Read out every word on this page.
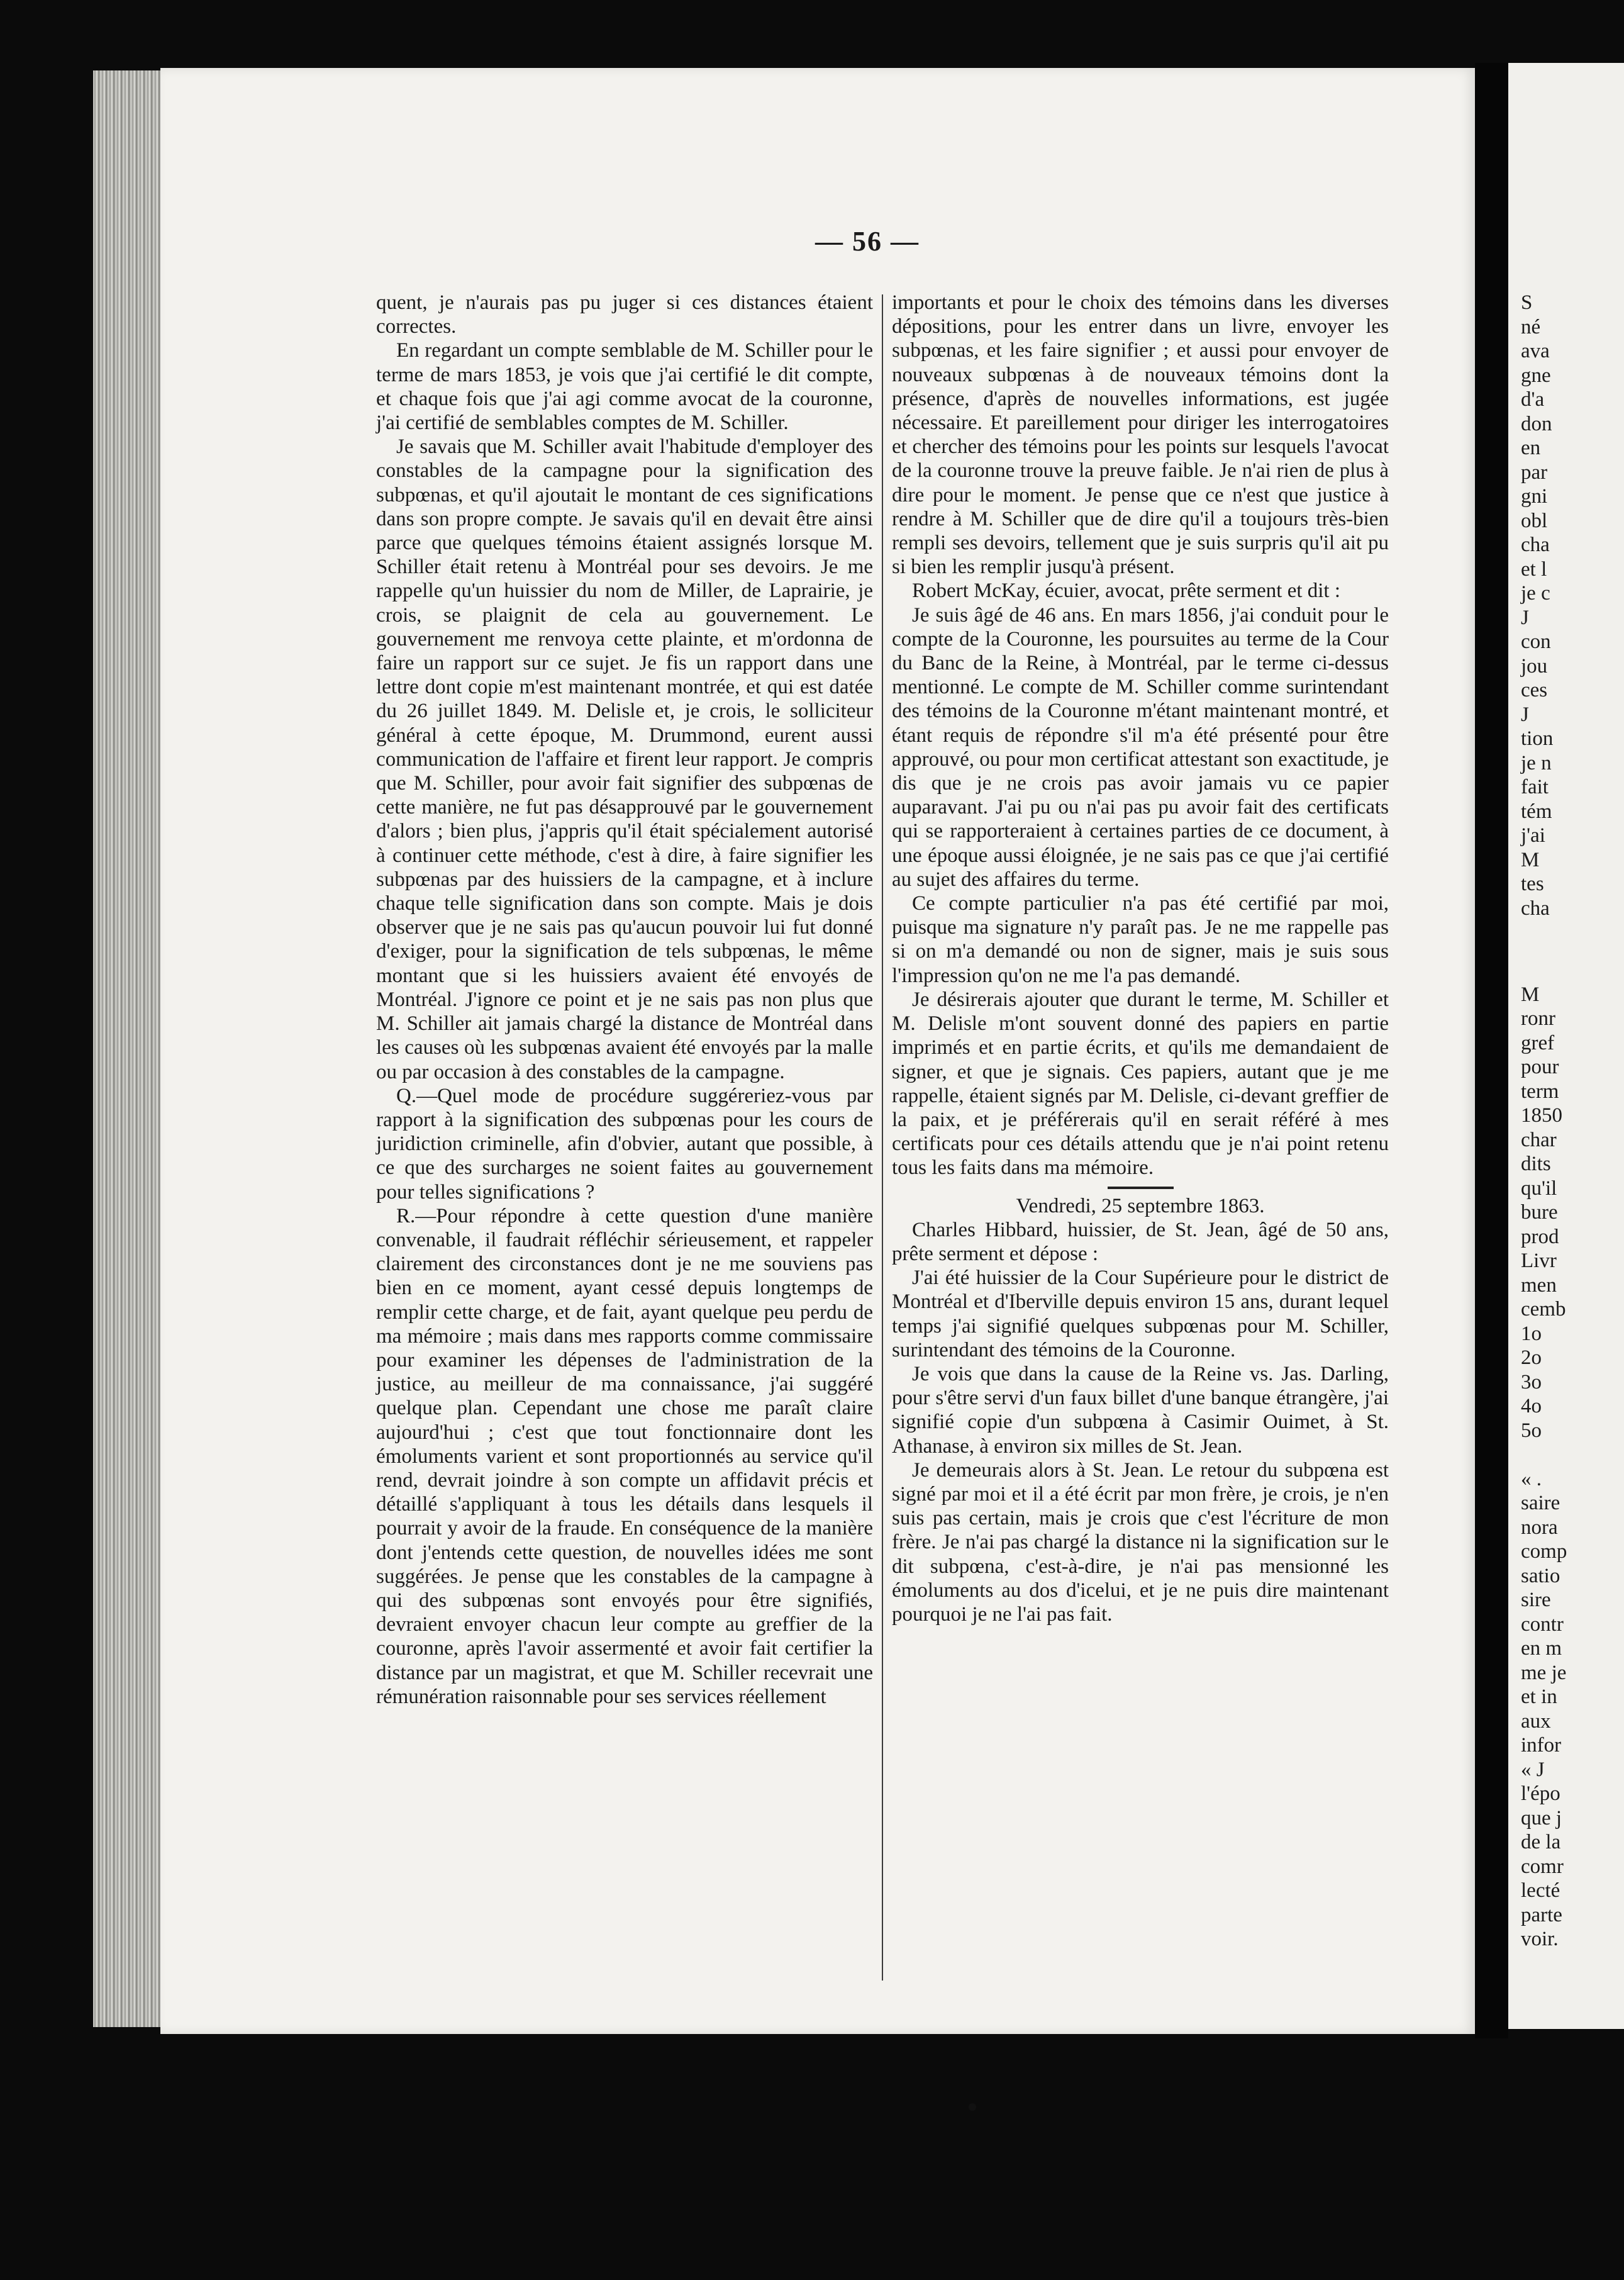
S
né
ava
gne
d'a
don
en
par
gni
obl
cha
et l
je c
J
con
jou
ces
J
tion
je n
fait
tém
j'ai
M
tes
cha
M
ronr
gref
pour
term
1850
char
dits
qu'il
bure
prod
Livr
men
cemb
1o
2o
3o
4o
5o
« .
saire
nora
comp
satio
sire
contr
en m
me je
et in
aux
infor
« J
l'épo
que j
de la
comr
lecté
parte
voir.
— 56 —

quent, je n'aurais pas pu juger si ces distances étaient correctes.

En regardant un compte semblable de M. Schiller pour le terme de mars 1853, je vois que j'ai certifié le dit compte, et chaque fois que j'ai agi comme avocat de la couronne, j'ai certifié de semblables comptes de M. Schiller.

Je savais que M. Schiller avait l'habitude d'employer des constables de la campagne pour la signification des subpœnas, et qu'il ajoutait le montant de ces significations dans son propre compte. Je savais qu'il en devait être ainsi parce que quelques témoins étaient assignés lorsque M. Schiller était retenu à Montréal pour ses devoirs. Je me rappelle qu'un huissier du nom de Miller, de Laprairie, je crois, se plaignit de cela au gouvernement. Le gouvernement me renvoya cette plainte, et m'ordonna de faire un rapport sur ce sujet. Je fis un rapport dans une lettre dont copie m'est maintenant montrée, et qui est datée du 26 juillet 1849. M. Delisle et, je crois, le solliciteur général à cette époque, M. Drummond, eurent aussi communication de l'affaire et firent leur rapport. Je compris que M. Schiller, pour avoir fait signifier des subpœnas de cette manière, ne fut pas désapprouvé par le gouvernement d'alors ; bien plus, j'appris qu'il était spécialement autorisé à continuer cette méthode, c'est à dire, à faire signifier les subpœnas par des huissiers de la campagne, et à inclure chaque telle signification dans son compte. Mais je dois observer que je ne sais pas qu'aucun pouvoir lui fut donné d'exiger, pour la signification de tels subpœnas, le même montant que si les huissiers avaient été envoyés de Montréal. J'ignore ce point et je ne sais pas non plus que M. Schiller ait jamais chargé la distance de Montréal dans les causes où les subpœnas avaient été envoyés par la malle ou par occasion à des constables de la campagne.

Q.—Quel mode de procédure suggéreriez-vous par rapport à la signification des subpœnas pour les cours de juridiction criminelle, afin d'obvier, autant que possible, à ce que des surcharges ne soient faites au gouvernement pour telles significations ?

R.—Pour répondre à cette question d'une manière convenable, il faudrait réfléchir sérieusement, et rappeler clairement des circonstances dont je ne me souviens pas bien en ce moment, ayant cessé depuis longtemps de remplir cette charge, et de fait, ayant quelque peu perdu de ma mémoire ; mais dans mes rapports comme commissaire pour examiner les dépenses de l'administration de la justice, au meilleur de ma connaissance, j'ai suggéré quelque plan. Cependant une chose me paraît claire aujourd'hui ; c'est que tout fonctionnaire dont les émoluments varient et sont proportionnés au service qu'il rend, devrait joindre à son compte un affidavit précis et détaillé s'appliquant à tous les détails dans lesquels il pourrait y avoir de la fraude. En conséquence de la manière dont j'entends cette question, de nouvelles idées me sont suggérées. Je pense que les constables de la campagne à qui des subpœnas sont envoyés pour être signifiés, devraient envoyer chacun leur compte au greffier de la couronne, après l'avoir assermenté et avoir fait certifier la distance par un magistrat, et que M. Schiller recevrait une rémunération raisonnable pour ses services réellement

importants et pour le choix des témoins dans les diverses dépositions, pour les entrer dans un livre, envoyer les subpœnas, et les faire signifier ; et aussi pour envoyer de nouveaux subpœnas à de nouveaux témoins dont la présence, d'après de nouvelles informations, est jugée nécessaire. Et pareillement pour diriger les interrogatoires et chercher des témoins pour les points sur lesquels l'avocat de la couronne trouve la preuve faible. Je n'ai rien de plus à dire pour le moment. Je pense que ce n'est que justice à rendre à M. Schiller que de dire qu'il a toujours très-bien rempli ses devoirs, tellement que je suis surpris qu'il ait pu si bien les remplir jusqu'à présent.

Robert McKay, écuier, avocat, prête serment et dit :

Je suis âgé de 46 ans. En mars 1856, j'ai conduit pour le compte de la Couronne, les poursuites au terme de la Cour du Banc de la Reine, à Montréal, par le terme ci-dessus mentionné. Le compte de M. Schiller comme surintendant des témoins de la Couronne m'étant maintenant montré, et étant requis de répondre s'il m'a été présenté pour être approuvé, ou pour mon certificat attestant son exactitude, je dis que je ne crois pas avoir jamais vu ce papier auparavant. J'ai pu ou n'ai pas pu avoir fait des certificats qui se rapporteraient à certaines parties de ce document, à une époque aussi éloignée, je ne sais pas ce que j'ai certifié au sujet des affaires du terme.

Ce compte particulier n'a pas été certifié par moi, puisque ma signature n'y paraît pas. Je ne me rappelle pas si on m'a demandé ou non de signer, mais je suis sous l'impression qu'on ne me l'a pas demandé.

Je désirerais ajouter que durant le terme, M. Schiller et M. Delisle m'ont souvent donné des papiers en partie imprimés et en partie écrits, et qu'ils me demandaient de signer, et que je signais. Ces papiers, autant que je me rappelle, étaient signés par M. Delisle, ci-devant greffier de la paix, et je préférerais qu'il en serait référé à mes certificats pour ces détails attendu que je n'ai point retenu tous les faits dans ma mémoire.

Vendredi, 25 septembre 1863.

Charles Hibbard, huissier, de St. Jean, âgé de 50 ans, prête serment et dépose :

J'ai été huissier de la Cour Supérieure pour le district de Montréal et d'Iberville depuis environ 15 ans, durant lequel temps j'ai signifié quelques subpœnas pour M. Schiller, surintendant des témoins de la Couronne.

Je vois que dans la cause de la Reine vs. Jas. Darling, pour s'être servi d'un faux billet d'une banque étrangère, j'ai signifié copie d'un subpœna à Casimir Ouimet, à St. Athanase, à environ six milles de St. Jean.

Je demeurais alors à St. Jean. Le retour du subpœna est signé par moi et il a été écrit par mon frère, je crois, je n'en suis pas certain, mais je crois que c'est l'écriture de mon frère. Je n'ai pas chargé la distance ni la signification sur le dit subpœna, c'est-à-dire, je n'ai pas mensionné les émoluments au dos d'icelui, et je ne puis dire maintenant pourquoi je ne l'ai pas fait.
